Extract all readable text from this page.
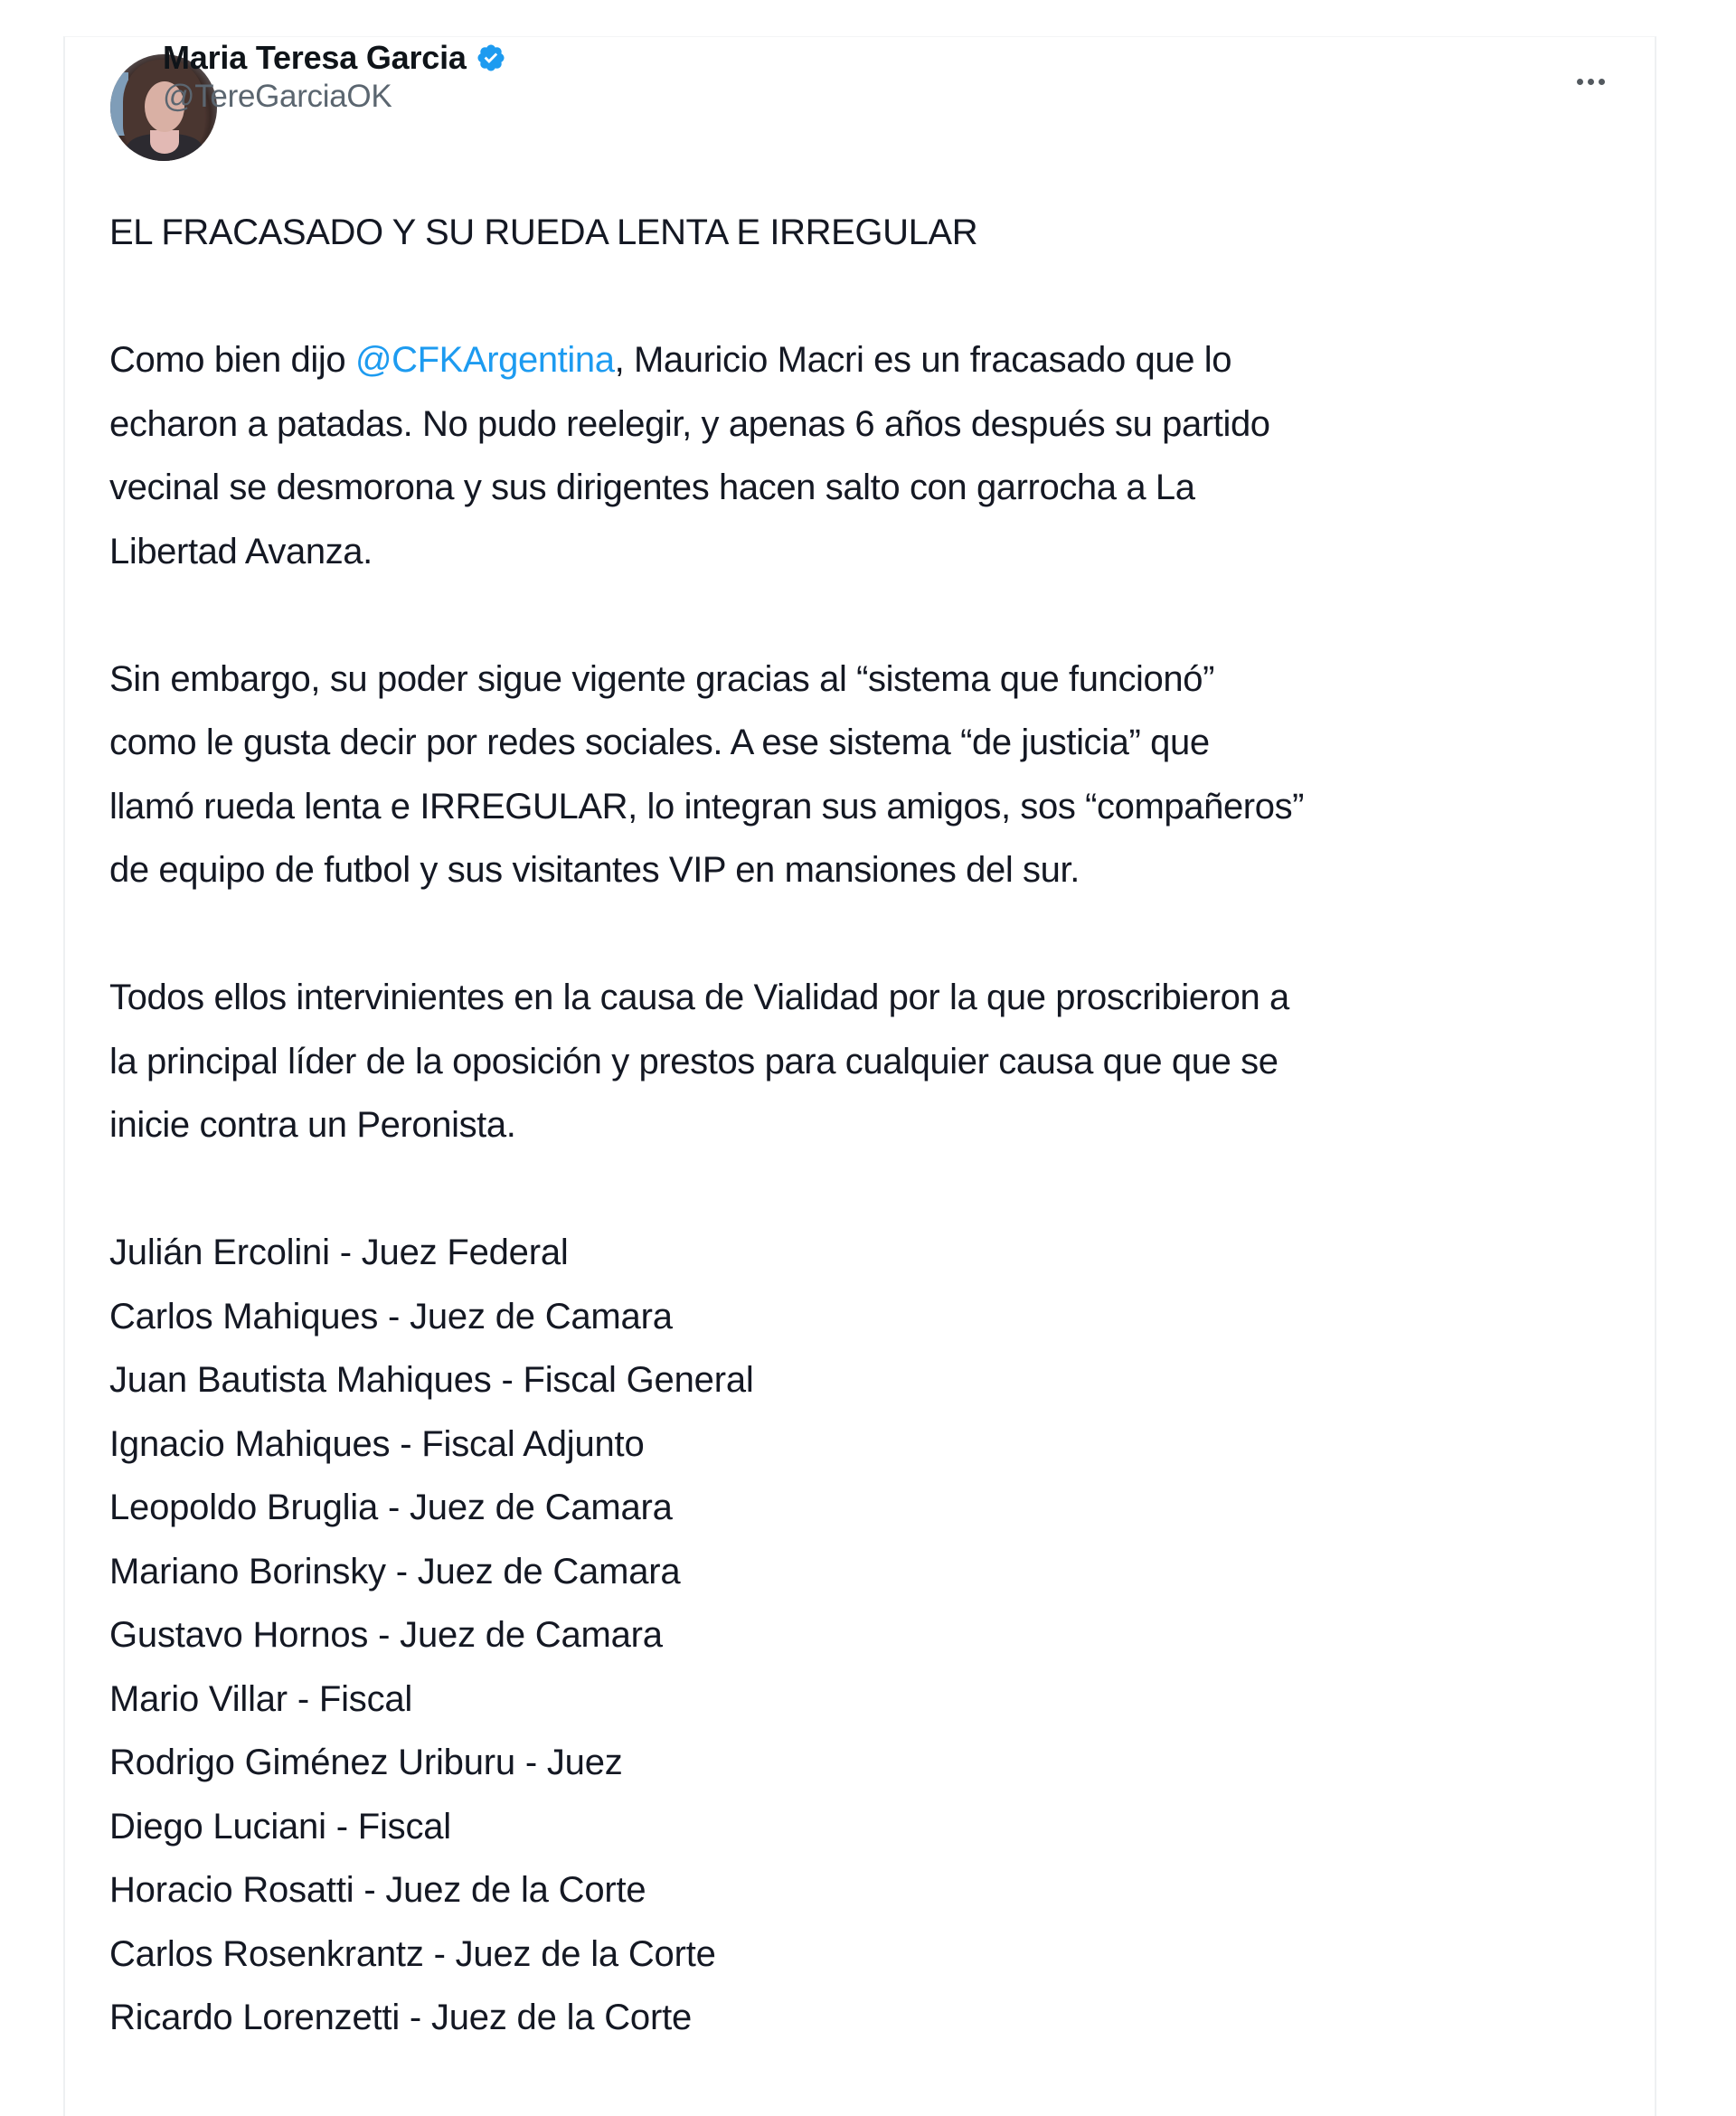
Maria Teresa Garcia
@TereGarciaOK
EL FRACASADO Y SU RUEDA LENTA E IRREGULAR
Como bien dijo @CFKArgentina, Mauricio Macri es un fracasado que lo
echaron a patadas. No pudo reelegir, y apenas 6 años después su partido
vecinal se desmorona y sus dirigentes hacen salto con garrocha a La
Libertad Avanza.
Sin embargo, su poder sigue vigente gracias al “sistema que funcionó”
como le gusta decir por redes sociales. A ese sistema “de justicia” que
llamó rueda lenta e IRREGULAR, lo integran sus amigos, sos “compañeros”
de equipo de futbol y sus visitantes VIP en mansiones del sur.
Todos ellos intervinientes en la causa de Vialidad por la que proscribieron a
la principal líder de la oposición y prestos para cualquier causa que que se
inicie contra un Peronista.
Julián Ercolini - Juez Federal
Carlos Mahiques - Juez de Camara
Juan Bautista Mahiques - Fiscal General
Ignacio Mahiques - Fiscal Adjunto
Leopoldo Bruglia - Juez de Camara
Mariano Borinsky - Juez de Camara
Gustavo Hornos - Juez de Camara
Mario Villar - Fiscal
Rodrigo Giménez Uriburu - Juez
Diego Luciani - Fiscal
Horacio Rosatti - Juez de la Corte
Carlos Rosenkrantz - Juez de la Corte
Ricardo Lorenzetti - Juez de la Corte
